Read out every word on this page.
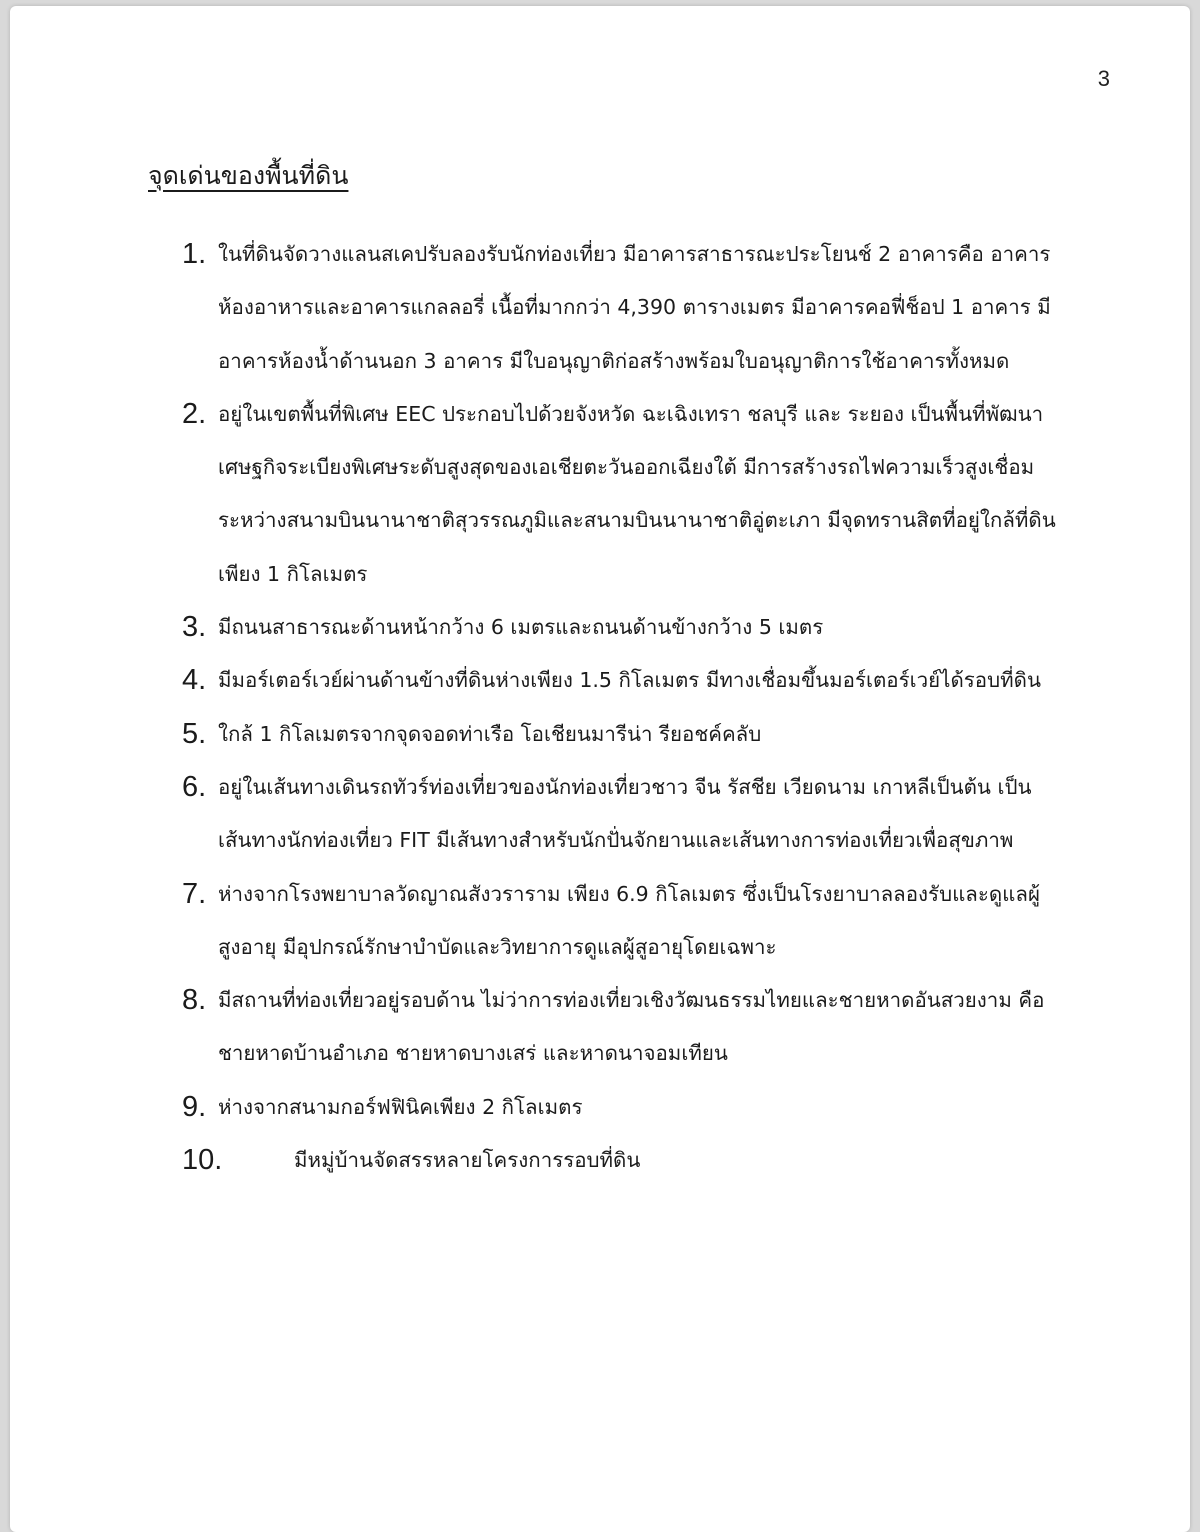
3
จุดเด่นของพื้นที่ดิน
1. ในที่ดินจัดวางแลนสเคปรับลองรับนักท่องเที่ยว มีอาคารสาธารณะประโยนช์ 2 อาคารคือ อาคารห้องอาหารและอาคารแกลลอรี่ เนื้อที่มากกว่า 4,390 ตารางเมตร มีอาคารคอฟี่ช็อป 1 อาคาร มีอาคารห้องน้ำด้านนอก 3 อาคาร มีใบอนุญาติก่อสร้างพร้อมใบอนุญาติการใช้อาคารทั้งหมด
2. อยู่ในเขตพื้นที่พิเศษ EEC ประกอบไปด้วยจังหวัด ฉะเฉิงเทรา ชลบุรี และ ระยอง เป็นพื้นที่พัฒนาเศษฐกิจระเบียงพิเศษระดับสูงสุดของเอเชียตะวันออกเฉียงใต้ มีการสร้างรถไฟความเร็วสูงเชื่อมระหว่างสนามบินนานาชาติสุวรรณภูมิและสนามบินนานาชาติอู่ตะเภา มีจุดทรานสิตที่อยู่ใกล้ที่ดินเพียง 1 กิโลเมตร
3. มีถนนสาธารณะด้านหน้ากว้าง 6 เมตรและถนนด้านข้างกว้าง 5 เมตร
4. มีมอร์เตอร์เวย์ผ่านด้านข้างที่ดินห่างเพียง 1.5 กิโลเมตร มีทางเชื่อมขึ้นมอร์เตอร์เวย์ได้รอบที่ดิน
5. ใกล้ 1 กิโลเมตรจากจุดจอดท่าเรือ โอเชียนมารีน่า รียอชค์คลับ
6. อยู่ในเส้นทางเดินรถทัวร์ท่องเที่ยวของนักท่องเที่ยวชาว จีน รัสชีย เวียดนาม เกาหลีเป็นต้น เป็น เส้นทางนักท่องเที่ยว FIT มีเส้นทางสำหรับนักปั่นจักยานและเส้นทางการท่องเที่ยวเพื่อสุขภาพ
7. ห่างจากโรงพยาบาลวัดญาณสังวราราม เพียง 6.9 กิโลเมตร ซึ่งเป็นโรงยาบาลลองรับและดูแลผู้สูงอายุ มีอุปกรณ์รักษาบำบัดและวิทยาการดูแลผู้สูอายุโดยเฉพาะ
8. มีสถานที่ท่องเที่ยวอยู่รอบด้าน ไม่ว่าการท่องเที่ยวเชิงวัฒนธรรมไทยและชายหาดอันสวยงาม คือ ชายหาดบ้านอำเภอ ชายหาดบางเสร่ และหาดนาจอมเทียน
9. ห่างจากสนามกอร์ฟฟินิคเพียง 2 กิโลเมตร
10.	มีหมู่บ้านจัดสรรหลายโครงการรอบที่ดิน
